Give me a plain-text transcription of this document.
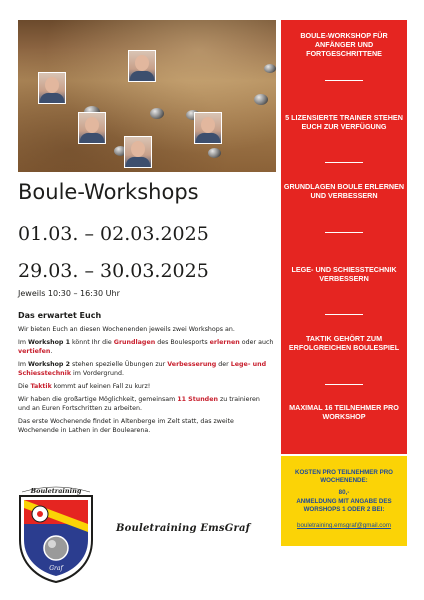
Boule-Workshops
01.03. – 02.03.2025
29.03. – 30.03.2025
Jeweils 10:30 – 16:30 Uhr
Das erwartet Euch

Wir bieten Euch an diesen Wochenenden jeweils zwei Workshops an.

Im Workshop 1 könnt Ihr die Grundlagen des Boulesports erlernen oder auch vertiefen.

Im Workshop 2 stehen spezielle Übungen zur Verbesserung der Lege- und Schiesstechnik im Vordergrund.

Die Taktik kommt auf keinen Fall zu kurz!

Wir haben die großartige Möglichkeit, gemeinsam 11 Stunden zu trainieren

und an Euren Fortschritten zu arbeiten.

Das erste Wochenende findet in Altenberge im Zelt statt, das zweite Wochenende in Lathen in der Boulearena.

Bouletraining
Graf
Bouletraining EmsGraf
BOULE-WORKSHOP FÜR ANFÄNGER UND FORTGESCHRITTENE
5 LIZENSIERTE TRAINER STEHEN EUCH ZUR VERFÜGUNG
GRUNDLAGEN BOULE ERLERNEN UND VERBESSERN
LEGE- UND SCHIESSTECHNIK VERBESSERN
TAKTIK GEHÖRT ZUM ERFOLGREICHEN BOULESPIEL
MAXIMAL 16 TEILNEHMER PRO WORKSHOP
KOSTEN PRO TEILNEHMER PRO WOCHENENDE:
80,-
ANMELDUNG MIT ANGABE DES WORSHOPS 1 ODER 2 BEI:
bouletraining.emsgraf@gmail.com
